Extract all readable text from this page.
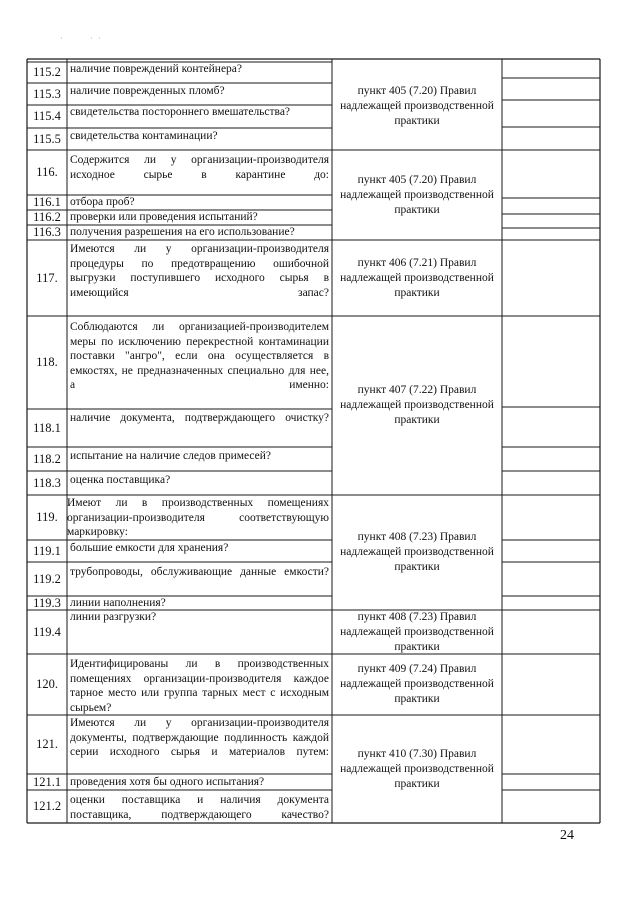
115.2
115.3
115.4
115.5
116.
116.1
116.2
116.3
117.
118.
118.1
118.2
118.3
119.
119.1
119.2
119.3
119.4
120.
121.
121.1
121.2
наличие повреждений контейнера?
наличие поврежденных пломб?
свидетельства постороннего вмешательства?
свидетельства контаминации?
Содержится ли у организации-производителя исходное сырье в карантине до:
отбора проб?
проверки или проведения испытаний?
получения разрешения на его использование?
Имеются ли у организации-производителя процедуры по предотвращению ошибочной выгрузки поступившего исходного сырья в имеющийся запас?
Соблюдаются ли организацией-производителем меры по исключению перекрестной контаминации поставки "ангро", если она осуществляется в емкостях, не предназначенных специально для нее, а именно:
наличие документа, подтверждающего очистку?
испытание на наличие следов примесей?
оценка поставщика?
Имеют ли в производственных помещениях организации-производителя соответствующую маркировку:
большие емкости для хранения?
трубопроводы, обслуживающие данные емкости?
линии наполнения?
линии разгрузки?
Идентифицированы ли в производственных помещениях организации-производителя каждое тарное место или группа тарных мест с исходным сырьем?
Имеются ли у организации-производителя документы, подтверждающие подлинность каждой серии исходного сырья и материалов путем:
проведения хотя бы одного испытания?
оценки поставщика и наличия документа поставщика, подтверждающего качество?
пункт 405 (7.20) Правил надлежащей производственной практики
пункт 405 (7.20) Правил надлежащей производственной практики
пункт 406 (7.21) Правил надлежащей производственной практики
пункт 407 (7.22) Правил надлежащей производственной практики
пункт 408 (7.23) Правил надлежащей производственной практики
пункт 408 (7.23) Правил надлежащей производственной практики
пункт 409 (7.24) Правил надлежащей производственной практики
пункт 410 (7.30) Правил надлежащей производственной практики
24
·	· ·
